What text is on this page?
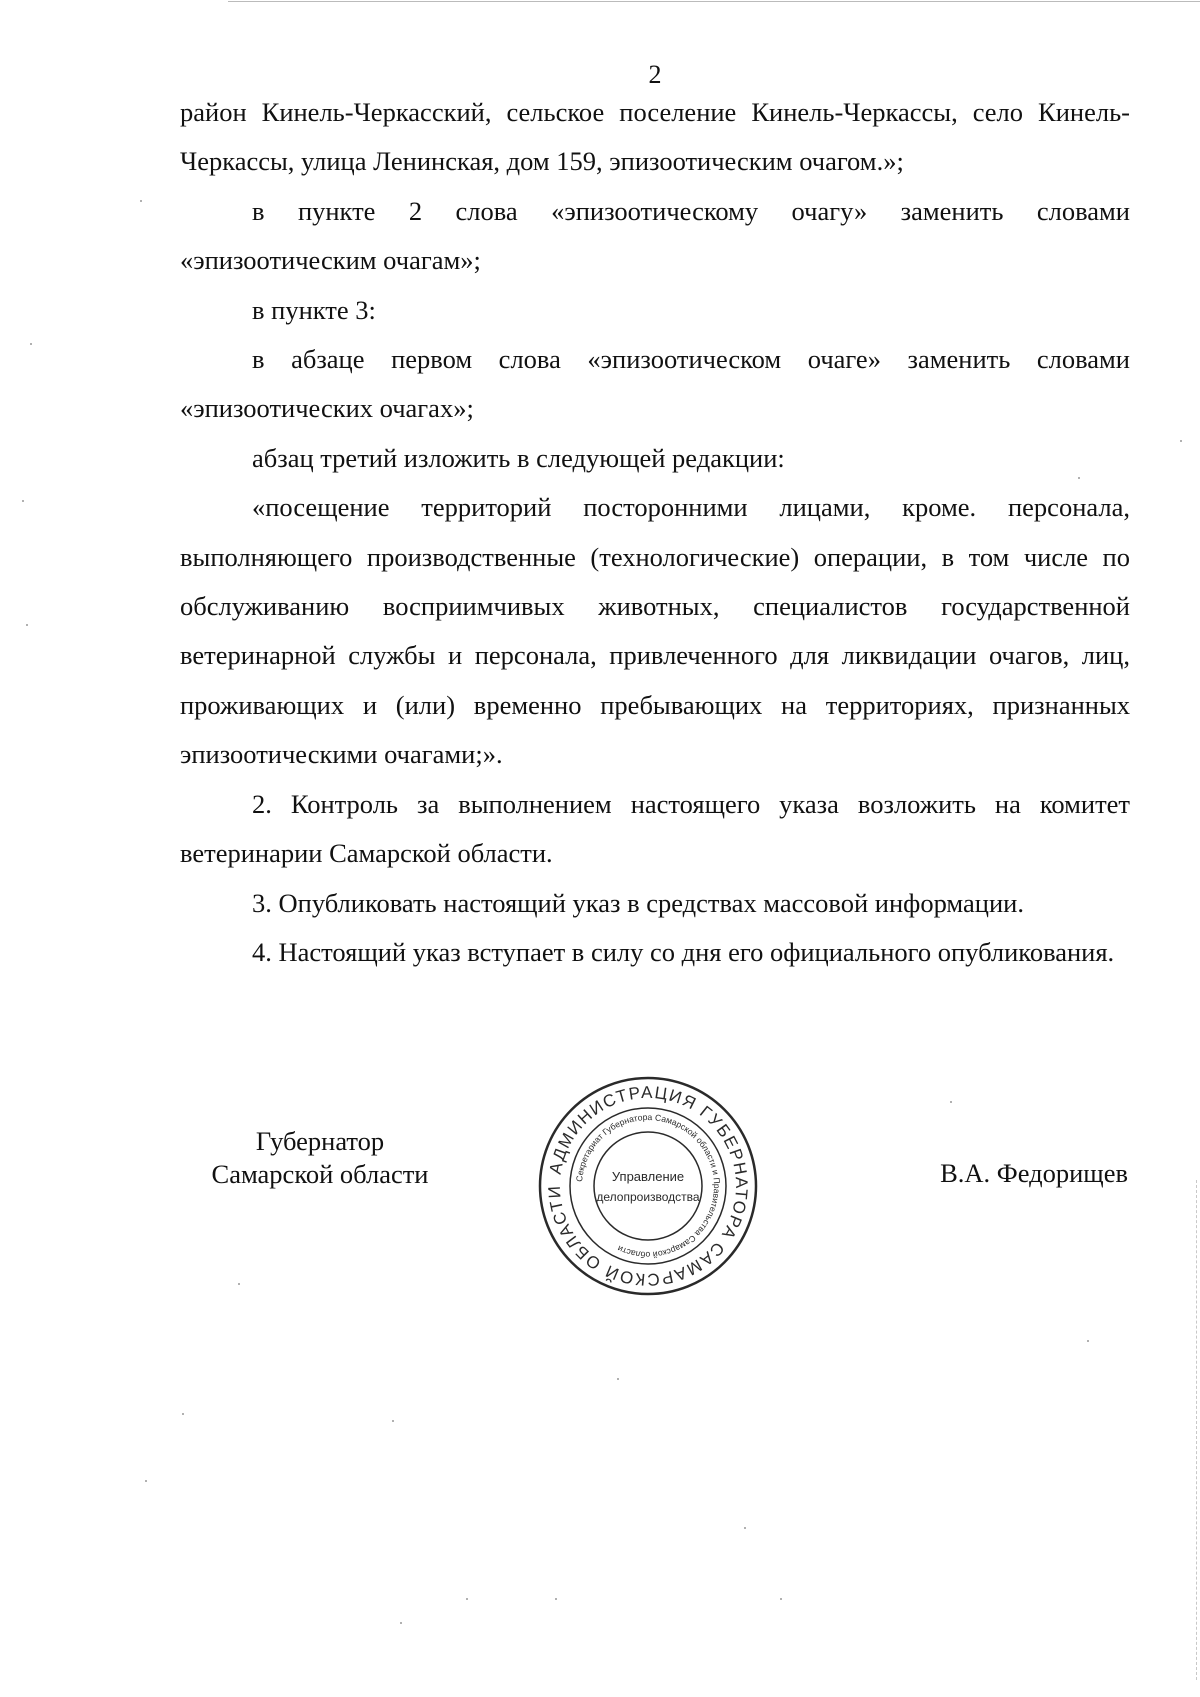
2

район Кинель-Черкасский, сельское поселение Кинель-Черкассы, село Кинель-Черкассы, улица Ленинская, дом 159, эпизоотическим очагом.»;

в пункте 2 слова «эпизоотическому очагу» заменить словами «эпизоотическим очагам»;

в пункте 3:

в абзаце первом слова «эпизоотическом очаге» заменить словами «эпизоотических очагах»;

абзац третий изложить в следующей редакции:

«посещение территорий посторонними лицами, кроме. персонала, выполняющего производственные (технологические) операции, в том числе по обслуживанию восприимчивых животных, специалистов государственной ветеринарной службы и персонала, привлеченного для ликвидации очагов, лиц, проживающих и (или) временно пребывающих на территориях, признанных эпизоотическими очагами;».

2. Контроль за выполнением настоящего указа возложить на комитет ветеринарии Самарской области.

3. Опубликовать настоящий указ в средствах массовой информации.

4. Настоящий указ вступает в силу со дня его официального опубликования.

Губернатор
Самарской области	В.А. Федорищев
АДМИНИСТРАЦИЯ ГУБЕРНАТОРА САМАРСКОЙ ОБЛАСТИ
Секретариат Губернатора Самарской области и Правительства Самарской области
Управление
делопроизводства
